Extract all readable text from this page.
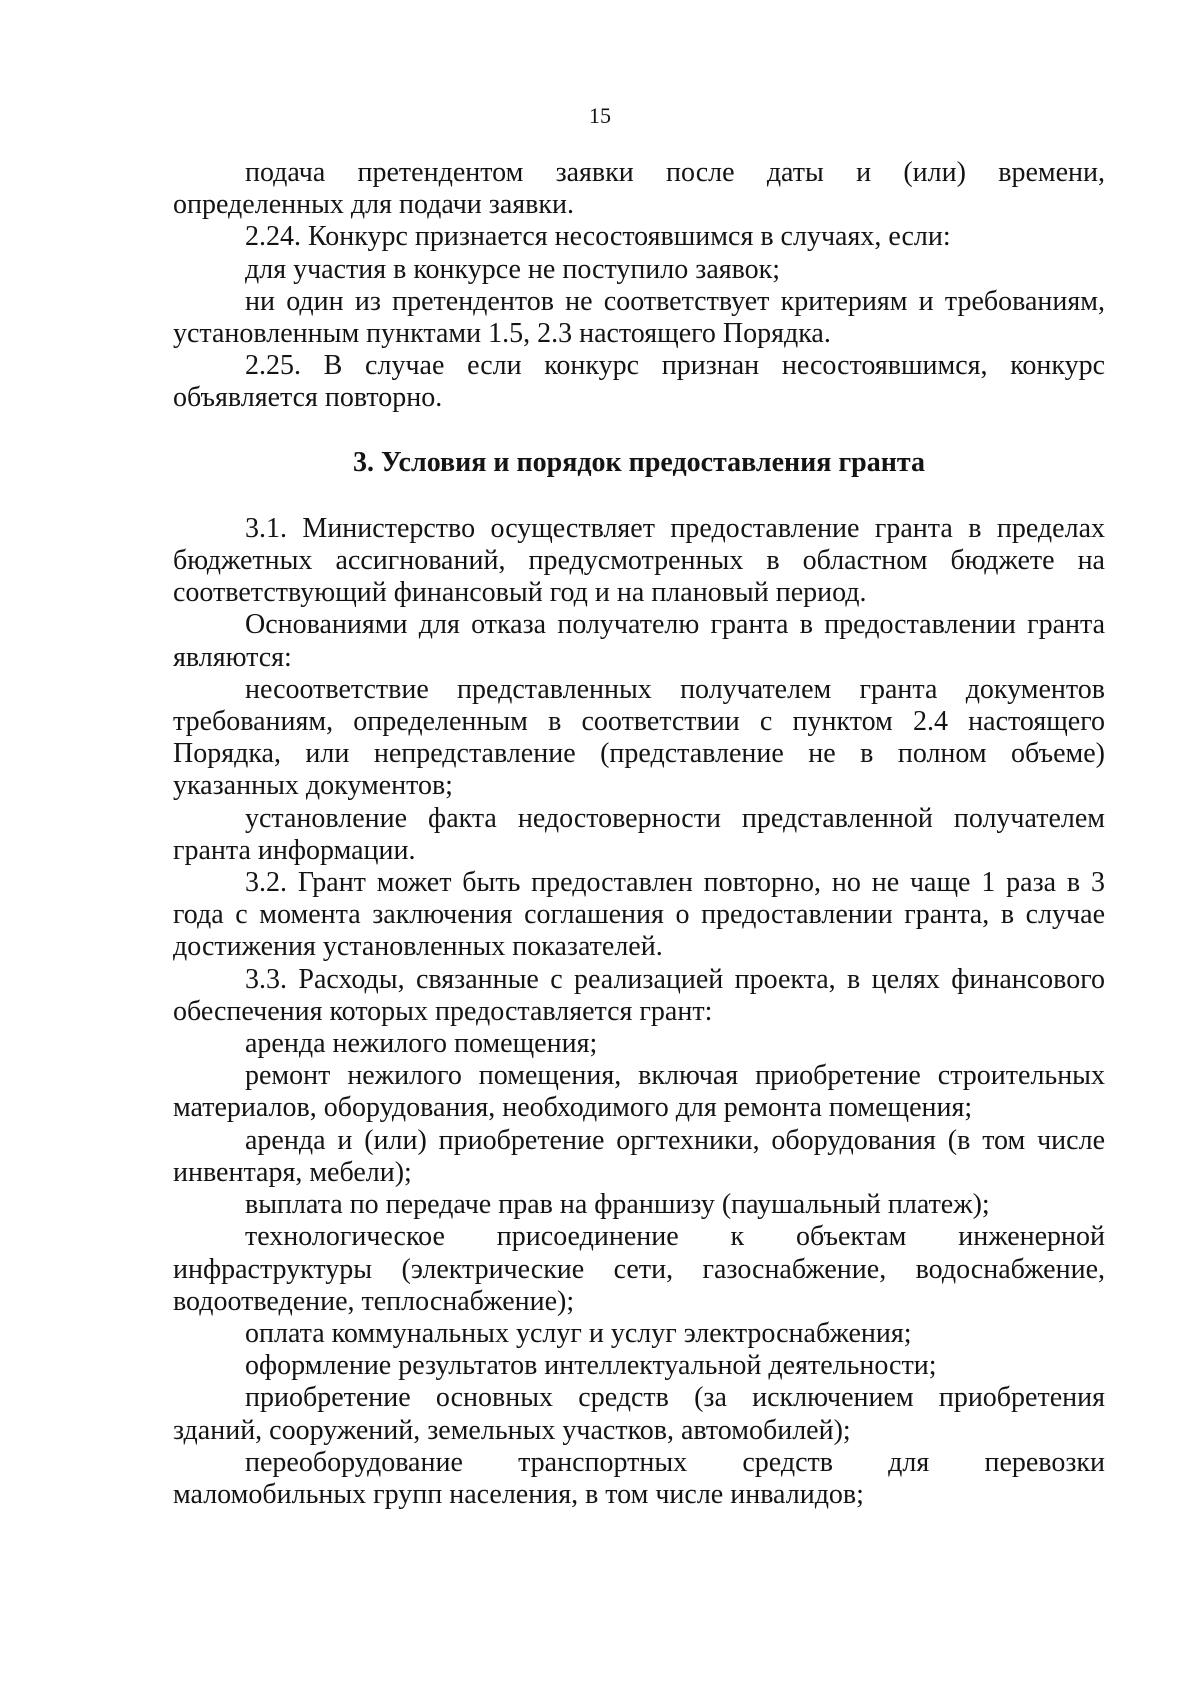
15

подача претендентом заявки после даты и (или) времени, определенных для подачи заявки.

2.24. Конкурс признается несостоявшимся в случаях, если:

для участия в конкурсе не поступило заявок;

ни один из претендентов не соответствует критериям и требованиям, установленным пунктами 1.5, 2.3 настоящего Порядка.

2.25. В случае если конкурс признан несостоявшимся, конкурс объявляется повторно.

3. Условия и порядок предоставления гранта

3.1. Министерство осуществляет предоставление гранта в пределах бюджетных ассигнований, предусмотренных в областном бюджете на соответствующий финансовый год и на плановый период.

Основаниями для отказа получателю гранта в предоставлении гранта являются:

несоответствие представленных получателем гранта документов требованиям, определенным в соответствии с пунктом 2.4 настоящего Порядка, или непредставление (представление не в полном объеме) указанных документов;

установление факта недостоверности представленной получателем гранта информации.

3.2. Грант может быть предоставлен повторно, но не чаще 1 раза в 3 года с момента заключения соглашения о предоставлении гранта, в случае достижения установленных показателей.

3.3. Расходы, связанные с реализацией проекта, в целях финансового обеспечения которых предоставляется грант:

аренда нежилого помещения;

ремонт нежилого помещения, включая приобретение строительных материалов, оборудования, необходимого для ремонта помещения;

аренда и (или) приобретение оргтехники, оборудования (в том числе инвентаря, мебели);

выплата по передаче прав на франшизу (паушальный платеж);

технологическое присоединение к объектам инженерной инфраструктуры (электрические сети, газоснабжение, водоснабжение, водоотведение, теплоснабжение);

оплата коммунальных услуг и услуг электроснабжения;

оформление результатов интеллектуальной деятельности;

приобретение основных средств (за исключением приобретения зданий, сооружений, земельных участков, автомобилей);

переоборудование транспортных средств для перевозки маломобильных групп населения, в том числе инвалидов;
